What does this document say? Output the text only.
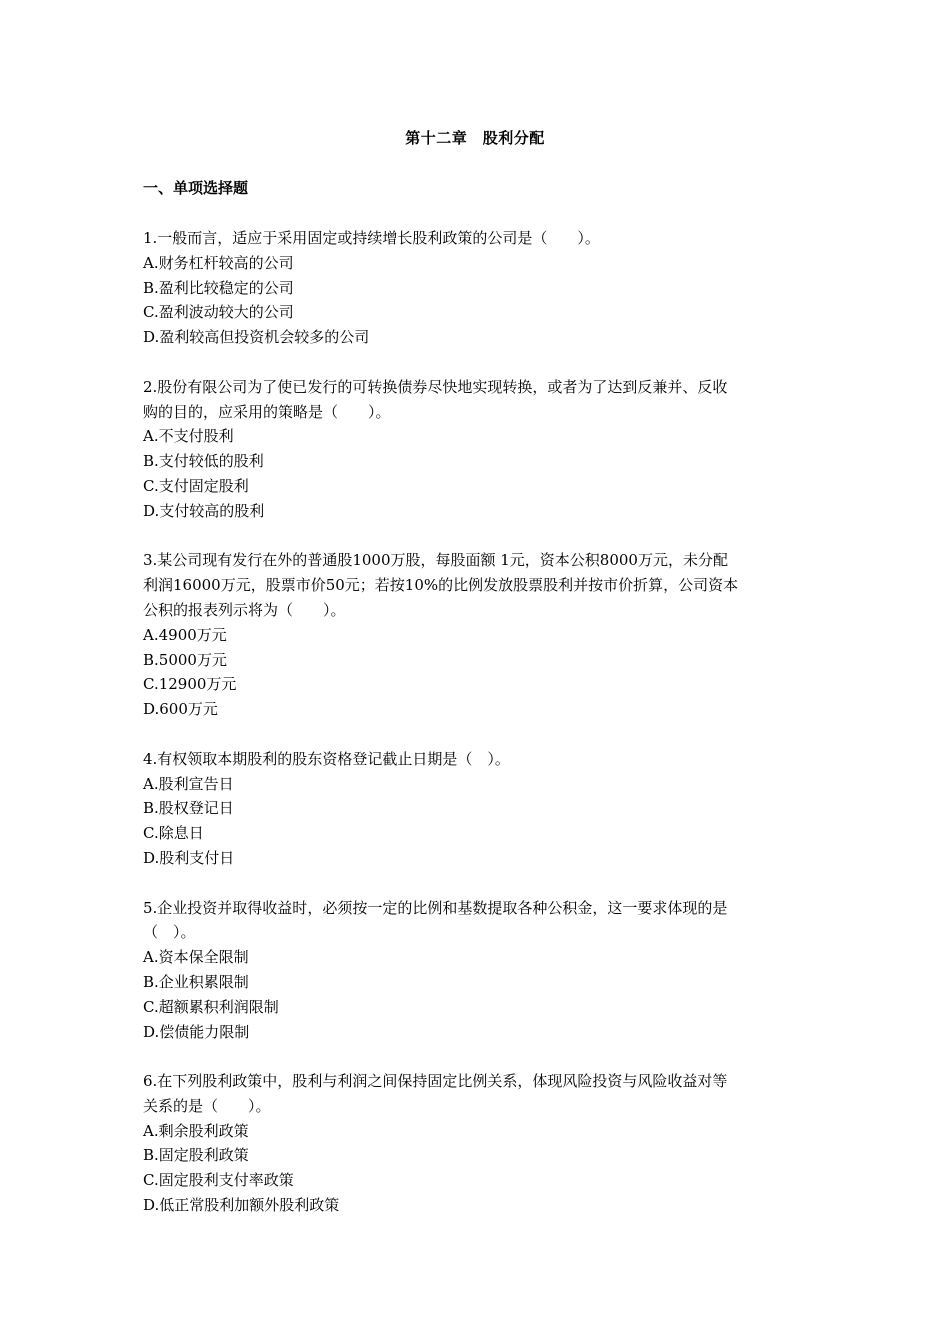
第十二章　股利分配
一、单项选择题
1.一般而言，适应于采用固定或持续增长股利政策的公司是（　　）。
A.财务杠杆较高的公司
B.盈利比较稳定的公司
C.盈利波动较大的公司
D.盈利较高但投资机会较多的公司
2.股份有限公司为了使已发行的可转换债券尽快地实现转换，或者为了达到反兼并、反收
购的目的，应采用的策略是（　　）。
A.不支付股利
B.支付较低的股利
C.支付固定股利
D.支付较高的股利
3.某公司现有发行在外的普通股1000万股，每股面额 1元，资本公积8000万元，未分配
利润16000万元，股票市价50元；若按10%的比例发放股票股利并按市价折算，公司资本
公积的报表列示将为（　　）。
A.4900万元
B.5000万元
C.12900万元
D.600万元
4.有权领取本期股利的股东资格登记截止日期是（　）。
A.股利宣告日
B.股权登记日
C.除息日
D.股利支付日
5.企业投资并取得收益时，必须按一定的比例和基数提取各种公积金，这一要求体现的是
（　）。
A.资本保全限制
B.企业积累限制
C.超额累积利润限制
D.偿债能力限制
6.在下列股利政策中，股利与利润之间保持固定比例关系，体现风险投资与风险收益对等
关系的是（　　）。
A.剩余股利政策
B.固定股利政策
C.固定股利支付率政策
D.低正常股利加额外股利政策
